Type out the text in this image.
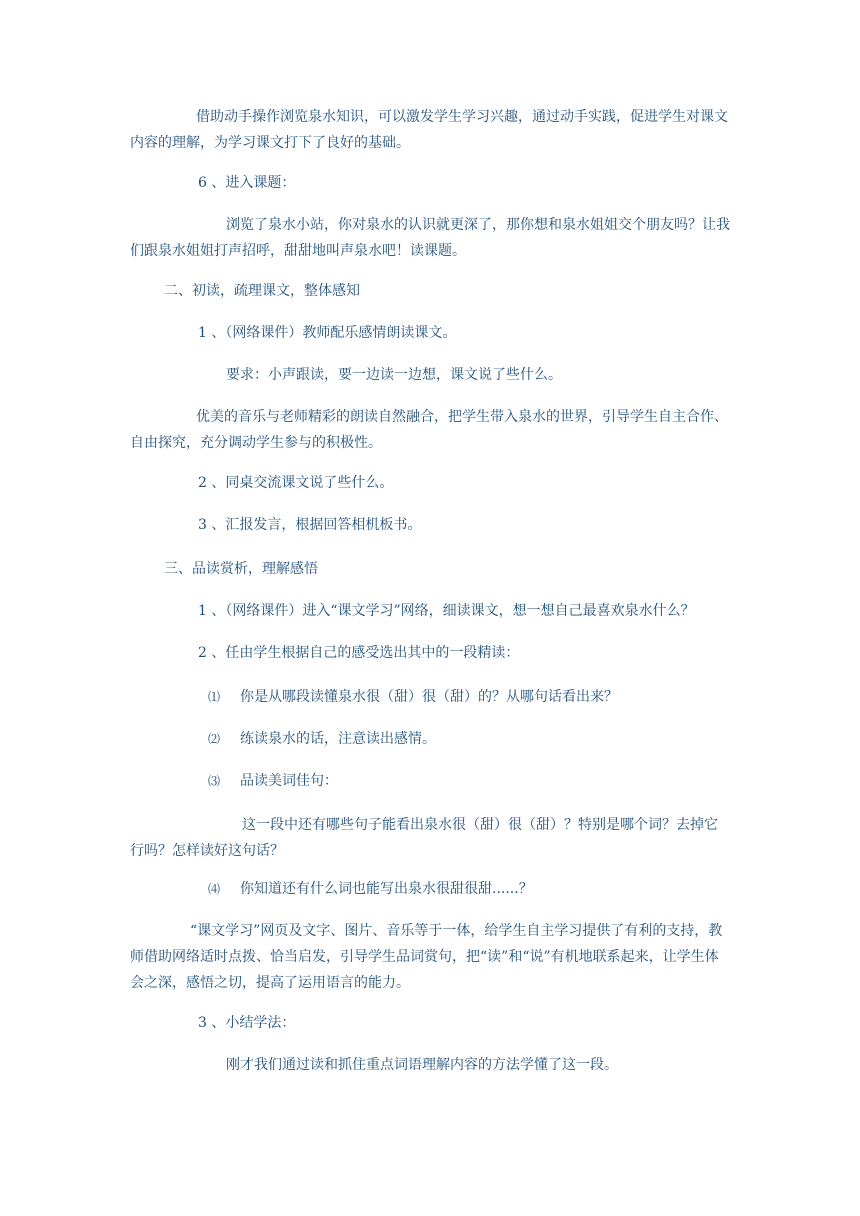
借助动手操作浏览泉水知识，可以激发学生学习兴趣，通过动手实践，促进学生对课文内容的理解，为学习课文打下了良好的基础。

6 、进入课题：

浏览了泉水小站，你对泉水的认识就更深了，那你想和泉水姐姐交个朋友吗？让我们跟泉水姐姐打声招呼，甜甜地叫声泉水吧！读课题。

二、初读，疏理课文，整体感知

1 、（网络课件）教师配乐感情朗读课文。

要求：小声跟读，要一边读一边想，课文说了些什么。

优美的音乐与老师精彩的朗读自然融合，把学生带入泉水的世界，引导学生自主合作、自由探究，充分调动学生参与的积极性。

2 、同桌交流课文说了些什么。

3 、汇报发言，根据回答相机板书。

三、品读赏析，理解感悟

1 、（网络课件）进入“课文学习”网络，细读课文，想一想自己最喜欢泉水什么？

2 、任由学生根据自己的感受选出其中的一段精读：

⑴ 你是从哪段读懂泉水很（甜）很（甜）的？从哪句话看出来？

⑵ 练读泉水的话，注意读出感情。

⑶ 品读美词佳句：

这一段中还有哪些句子能看出泉水很（甜）很（甜）？特别是哪个词？去掉它行吗？怎样读好这句话？

⑷ 你知道还有什么词也能写出泉水很甜很甜......？

“课文学习”网页及文字、图片、音乐等于一体，给学生自主学习提供了有利的支持，教师借助网络适时点拨、恰当启发，引导学生品词赏句，把“读”和“说”有机地联系起来，让学生体会之深，感悟之切，提高了运用语言的能力。

3 、小结学法：

刚才我们通过读和抓住重点词语理解内容的方法学懂了这一段。
